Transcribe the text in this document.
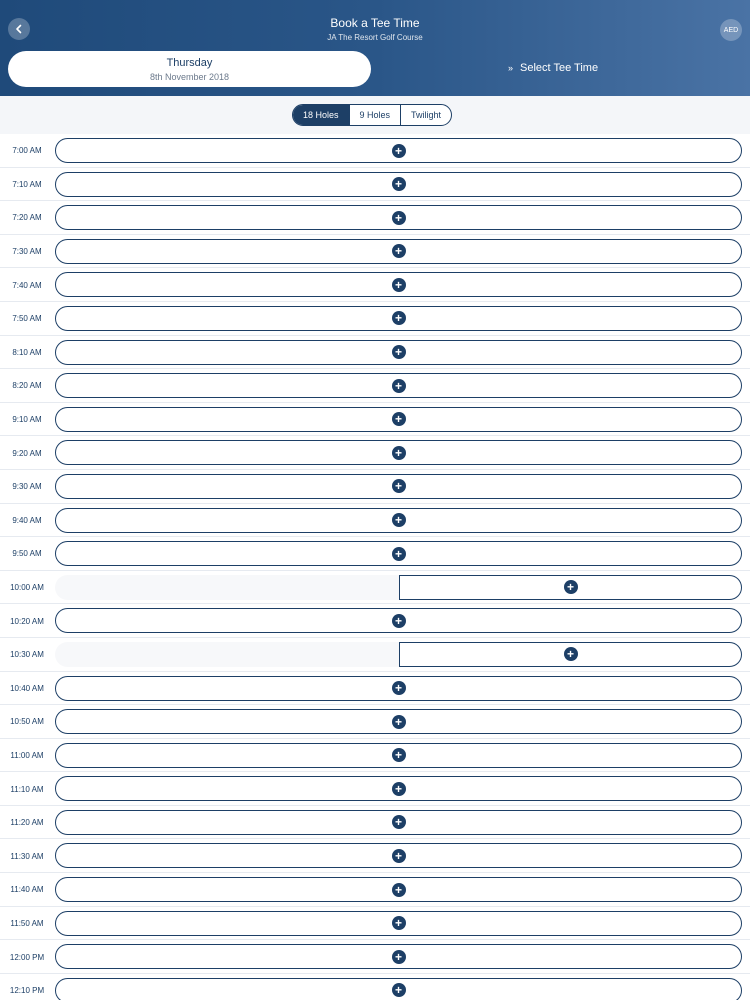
Book a Tee Time
JA The Resort Golf Course
AED
Thursday
8th November 2018
» Select Tee Time
18 Holes	9 Holes	Twilight
7:00 AM	+
7:10 AM	+
7:20 AM	+
7:30 AM	+
7:40 AM	+
7:50 AM	+
8:10 AM	+
8:20 AM	+
9:10 AM	+
9:20 AM	+
9:30 AM	+
9:40 AM	+
9:50 AM	+
10:00 AM	+
10:20 AM	+
10:30 AM	+
10:40 AM	+
10:50 AM	+
11:00 AM	+
11:10 AM	+
11:20 AM	+
11:30 AM	+
11:40 AM	+
11:50 AM	+
12:00 PM	+
12:10 PM	+
